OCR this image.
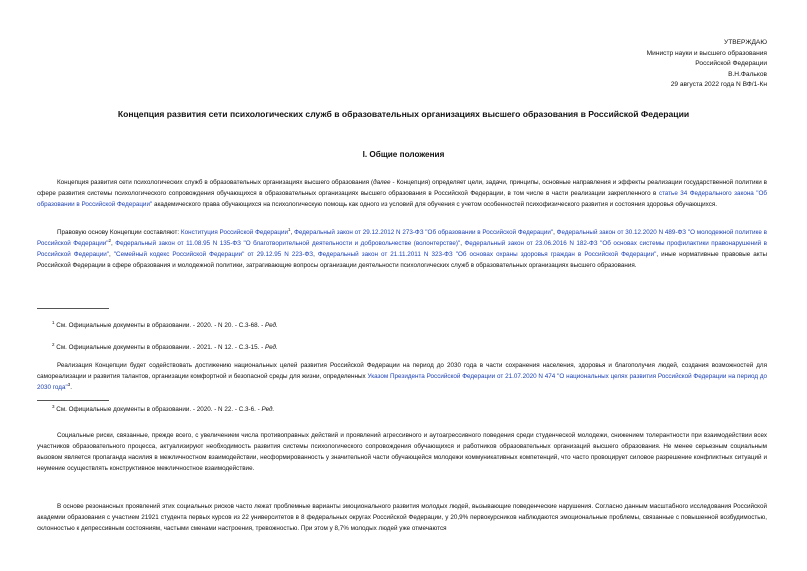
УТВЕРЖДАЮ
Министр науки и высшего образования
Российской Федерации
В.Н.Фальков
29 августа 2022 года N ВФ/1-Кн
Концепция развития сети психологических служб в образовательных организациях высшего образования в Российской Федерации
I. Общие положения

Концепция развития сети психологических служб в образовательных организациях высшего образования (далее - Концепция) определяет цели, задачи, принципы, основные направления и эффекты реализации государственной политики в сфере развития системы психологического сопровождения обучающихся в образовательных организациях высшего образования в Российской Федерации, в том числе в части реализации закрепленного в статье 34 Федерального закона "Об образовании в Российской Федерации" академического права обучающихся на психологическую помощь как одного из условий для обучения с учетом особенностей психофизического развития и состояния здоровья обучающихся.

Правовую основу Концепции составляют: Конституция Российской Федерации$^1$, Федеральный закон от 29.12.2012 N 273-ФЗ "Об образовании в Российской Федерации", Федеральный закон от 30.12.2020 N 489-ФЗ "О молодежной политике в Российской Федерации"$^2$, Федеральный закон от 11.08.95 N 135-ФЗ "О благотворительной деятельности и добровольчестве (волонтерстве)", Федеральный закон от 23.06.2016 N 182-ФЗ "Об основах системы профилактики правонарушений в Российской Федерации", "Семейный кодекс Российской Федерации" от 29.12.95 N 223-ФЗ, Федеральный закон от 21.11.2011 N 323-ФЗ "Об основах охраны здоровья граждан в Российской Федерации", иные нормативные правовые акты Российской Федерации в сфере образования и молодежной политики, затрагивающие вопросы организации деятельности психологических служб в образовательных организациях высшего образования.

$^1$ См. Официальные документы в образовании. - 2020. - N 20. - С.3-68. - Ред.
$^2$ См. Официальные документы в образовании. - 2021. - N 12. - С.3-15. - Ред.

Реализация Концепции будет содействовать достижению национальных целей развития Российской Федерации на период до 2030 года в части сохранения населения, здоровья и благополучия людей, создания возможностей для самореализации и развития талантов, организации комфортной и безопасной среды для жизни, определенных Указом Президента Российской Федерации от 21.07.2020 N 474 "О национальных целях развития Российской Федерации на период до 2030 года"$^3$.

$^3$ См. Официальные документы в образовании. - 2020. - N 22. - С.3-6. - Ред.

Социальные риски, связанные, прежде всего, с увеличением числа противоправных действий и проявлений агрессивного и аутоагрессивного поведения среди студенческой молодежи, снижением толерантности при взаимодействии всех участников образовательного процесса, актуализируют необходимость развития системы психологического сопровождения обучающихся и работников образовательных организаций высшего образования. Не менее серьезным социальным вызовом является пропаганда насилия в межличностном взаимодействии, несформированность у значительной части обучающейся молодежи коммуникативных компетенций, что часто провоцирует силовое разрешение конфликтных ситуаций и неумение осуществлять конструктивное межличностное взаимодействие.

В основе резонансных проявлений этих социальных рисков часто лежат проблемные варианты эмоционального развития молодых людей, вызывающие поведенческие нарушения. Согласно данным масштабного исследования Российской академии образования с участием 21921 студента первых курсов из 22 университетов в 8 федеральных округах Российской Федерации, у 20,9% первокурсников наблюдаются эмоциональные проблемы, связанные с повышенной возбудимостью, склонностью к депрессивным состояниям, частыми сменами настроения, тревожностью. При этом у 8,7% молодых людей уже отмечаются
